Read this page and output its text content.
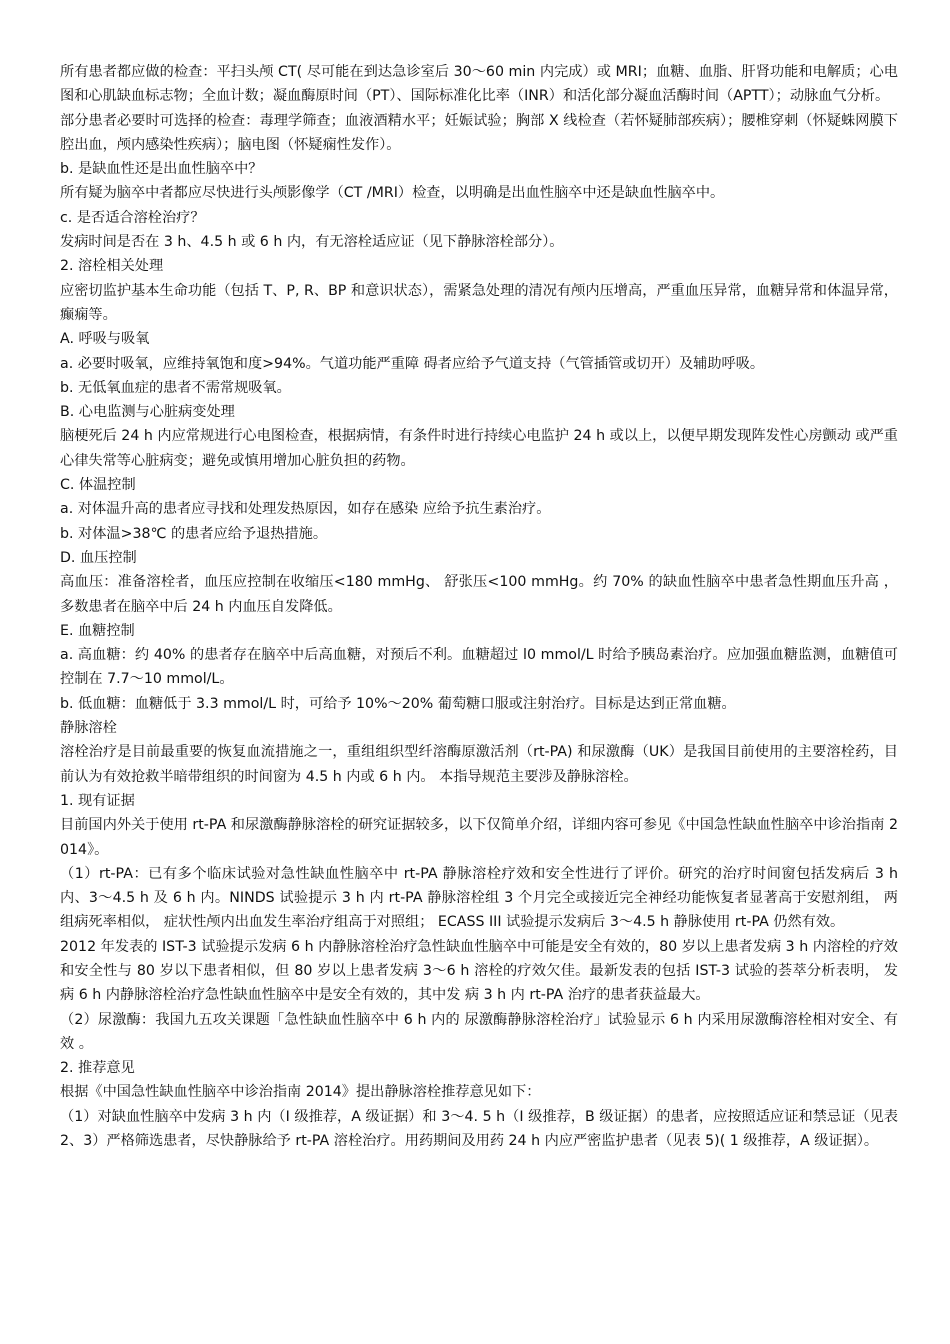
所有患者都应做的检查：平扫头颅 CT( 尽可能在到达急诊室后 30～60 min 内完成）或 MRI；血糖、血脂、肝肾功能和电解质；心电图和心肌缺血标志物；全血计数；凝血酶原时间（PT）、国际标准化比率（INR）和活化部分凝血活酶时间（APTT）；动脉血气分析。

部分患者必要时可选择的检查：毒理学筛查；血液酒精水平；妊娠试验；胸部 X 线检查（若怀疑肺部疾病）；腰椎穿刺（怀疑蛛网膜下腔出血，颅内感染性疾病）；脑电图（怀疑痫性发作）。

b. 是缺血性还是出血性脑卒中？

所有疑为脑卒中者都应尽快进行头颅影像学（CT /MRI）检查，以明确是出血性脑卒中还是缺血性脑卒中。

c. 是否适合溶栓治疗？

发病时间是否在 3 h、4.5 h 或 6 h 内，有无溶栓适应证（见下静脉溶栓部分）。

2. 溶栓相关处理

应密切监护基本生命功能（包括 T、P, R、BP 和意识状态），需紧急处理的清况有颅内压增高，严重血压异常，血糖异常和体温异常，癫痫等。

A. 呼吸与吸氧

a. 必要时吸氧，应维持氧饱和度>94%。气道功能严重障 碍者应给予气道支持（气管插管或切开）及辅助呼吸。

b. 无低氧血症的患者不需常规吸氧。

B. 心电监测与心脏病变处理

脑梗死后 24 h 内应常规进行心电图检查，根据病情，有条件时进行持续心电监护 24 h 或以上，以便早期发现阵发性心房颤动 或严重心律失常等心脏病变；避免或慎用增加心脏负担的药物。

C. 体温控制

a. 对体温升高的患者应寻找和处理发热原因，如存在感染 应给予抗生素治疗。

b. 对体温>38℃ 的患者应给予退热措施。

D. 血压控制

高血压：准备溶栓者，血压应控制在收缩压<180 mmHg、 舒张压<100 mmHg。约 70% 的缺血性脑卒中患者急性期血压升高 ，多数患者在脑卒中后 24 h 内血压自发降低。

E. 血糖控制

a. 高血糖：约 40% 的患者存在脑卒中后高血糖，对预后不利。血糖超过 l0 mmol/L 时给予胰岛素治疗。应加强血糖监测，血糖值可控制在 7.7～10 mmol/L。

b. 低血糖：血糖低于 3.3 mmol/L 时，可给予 10%～20% 葡萄糖口服或注射治疗。目标是达到正常血糖。

静脉溶栓

溶栓治疗是目前最重要的恢复血流措施之一，重组组织型纤溶酶原激活剂（rt-PA) 和尿激酶（UK）是我国目前使用的主要溶栓药，目前认为有效抢救半暗带组织的时间窗为 4.5 h 内或 6 h 内。 本指导规范主要涉及静脉溶栓。

1. 现有证据

目前国内外关于使用 rt-PA 和尿激酶静脉溶栓的研究证据较多，以下仅简单介绍，详细内容可参见《中国急性缺血性脑卒中诊治指南 2014》。

（1）rt-PA：已有多个临床试验对急性缺血性脑卒中 rt-PA 静脉溶栓疗效和安全性进行了评价。研究的治疗时间窗包括发病后 3 h 内、3～4.5 h 及 6 h 内。NINDS 试验提示 3 h 内 rt-PA 静脉溶栓组 3 个月完全或接近完全神经功能恢复者显著高于安慰剂组， 两组病死率相似， 症状性颅内出血发生率治疗组高于对照组； ECASS III 试验提示发病后 3～4.5 h 静脉使用 rt-PA 仍然有效。

2012 年发表的 IST-3 试验提示发病 6 h 内静脉溶栓治疗急性缺血性脑卒中可能是安全有效的，80 岁以上患者发病 3 h 内溶栓的疗效和安全性与 80 岁以下患者相似，但 80 岁以上患者发病 3～6 h 溶栓的疗效欠佳。最新发表的包括 IST-3 试验的荟萃分析表明， 发病 6 h 内静脉溶栓治疗急性缺血性脑卒中是安全有效的，其中发 病 3 h 内 rt-PA 治疗的患者获益最大。

（2）尿激酶：我国九五攻关课题「急性缺血性脑卒中 6 h 内的 尿激酶静脉溶栓治疗」试验显示 6 h 内采用尿激酶溶栓相对安全、有效 。

2. 推荐意见

根据《中国急性缺血性脑卒中诊治指南 2014》提出静脉溶栓推荐意见如下：

（1）对缺血性脑卒中发病 3 h 内（I 级推荐，A 级证据）和 3～4. 5 h（I 级推荐，B 级证据）的患者，应按照适应证和禁忌证（见表 2、3）严格筛选患者，尽快静脉给予 rt-PA 溶栓治疗。用药期间及用药 24 h 内应严密监护患者（见表 5)( 1 级推荐，A 级证据）。
